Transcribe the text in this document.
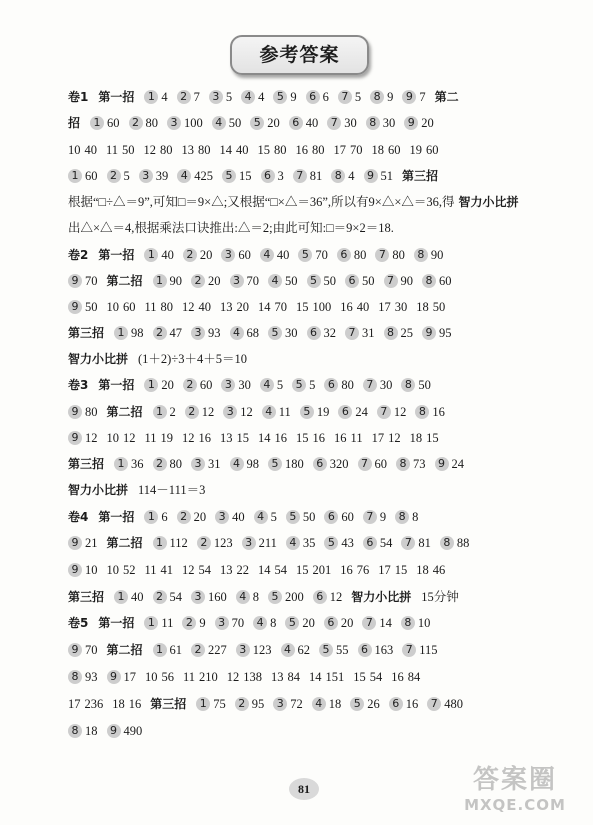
参考答案
卷1 第一招	1 4	2 7	3 5	4 4	5 9	6 6	7 5	8 9	9 7 第二
招	1 60	2 80	3 100	4 50	5 20	6 40	7 30	8 30	9 20
10 40 11 50 12 80 13 80 14 40 15 80 16 80 17 70 18 60 19 60
1 60	2 5	3 39	4 425	5 15	6 3	7 81	8 4	9 51 第三招
根据“□÷△＝9”,可知□＝9×△;又根据“□×△＝36”,所以有9×△×△＝36,得 智力小比拼
出△×△＝4,根据乘法口诀推出:△＝2;由此可知:□＝9×2＝18.
卷2 第一招	1 40	2 20	3 60	4 40	5 70	6 80	7 80	8 90
9 70 第二招	1 90	2 20	3 70	4 50	5 50	6 50	7 90	8 60
9 50 10 60 11 80 12 40 13 20 14 70 15 100 16 40 17 30 18 50
第三招	1 98	2 47	3 93	4 68	5 30	6 32	7 31	8 25	9 95
智力小比拼 (1＋2)÷3＋4＋5＝10
卷3 第一招	1 20	2 60	3 30	4 5	5 5	6 80	7 30	8 50
9 80 第二招	1 2	2 12	3 12	4 11	5 19	6 24	7 12	8 16
9 12 10 12 11 19 12 16 13 15 14 16 15 16 16 11 17 12 18 15
第三招	1 36	2 80	3 31	4 98	5 180	6 320	7 60	8 73	9 24
智力小比拼 114－111＝3
卷4 第一招	1 6	2 20	3 40	4 5	5 50	6 60	7 9	8 8
9 21 第二招	1 112	2 123	3 211	4 35	5 43	6 54	7 81	8 88
9 10 10 52 11 41 12 54 13 22 14 54 15 201 16 76 17 15 18 46
第三招	1 40	2 54	3 160	4 8	5 200	6 12 智力小比拼 15分钟
卷5 第一招	1 11	2 9	3 70	4 8	5 20	6 20	7 14	8 10
9 70 第二招	1 61	2 227	3 123	4 62	5 55	6 163	7 115
8 93	9 17 10 56 11 210 12 138 13 84 14 151 15 54 16 84
17 236 18 16 第三招	1 75	2 95	3 72	4 18	5 26	6 16	7 480
8 18	9 490
81	答案圈
MXQE.COM
